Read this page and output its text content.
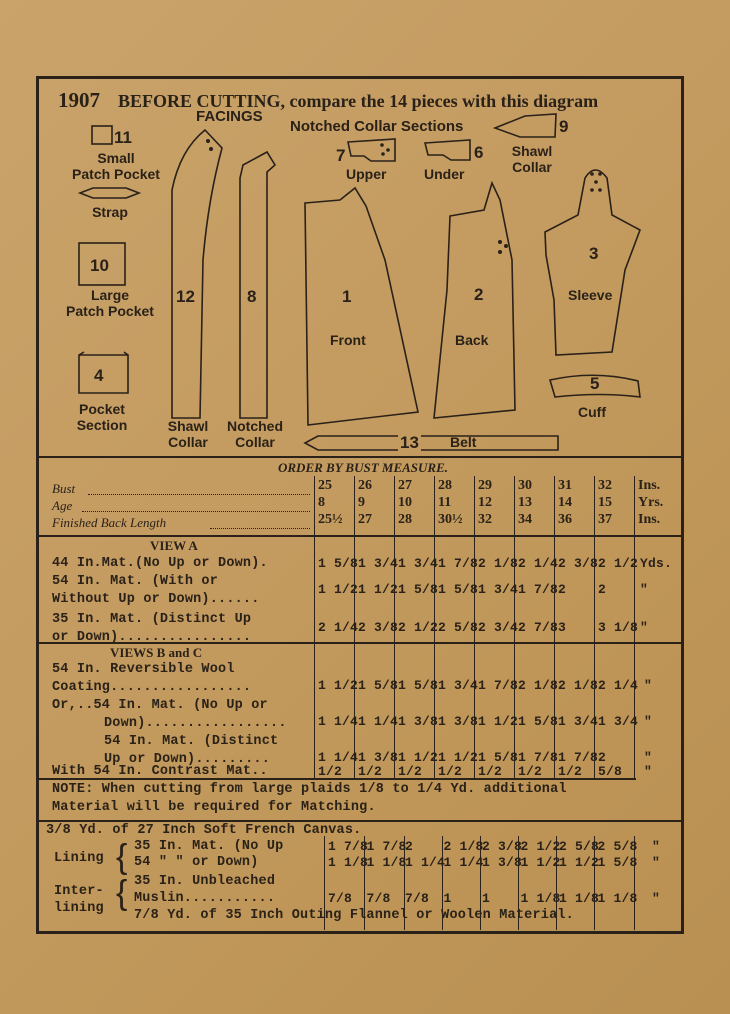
1907 BEFORE CUTTING, compare the 14 pieces with this diagram
FACINGS
Notched Collar Sections
11
Small
Patch Pocket
Strap
10
Large
Patch Pocket
4
Pocket
Section
12
Shawl
Collar
8
Notched
Collar
7
Upper
6
Under
9
Shawl
Collar
1
Front
2
Back
3
Sleeve
5
Cuff
13 Belt
ORDER BY BUST MEASURE.
Bust
Age
Finished Back Length
VIEW A
VIEWS B and C
NOTE: When cutting from large plaids 1/8 to 1/4 Yd. additional
Material will be required for Matching.
3/8 Yd. of 27 Inch Soft French Canvas.
Lining
Inter-
lining
{
{
7/8 Yd. of 35 Inch Outing Flannel or Woolen Material.
25 26 27 28 29 30 31 32 Ins.
8 9 10 11 12 13 14 15 Yrs.
25½ 27 28 30½ 32 34 36 37 Ins.
44 In.Mat.(No Up or Down).	1 5/8 1 3/4 1 3/4 1 7/8 2 1/8 2 1/4 2 3/8 2 1/2 Yds.
54 In. Mat. (With or
Without Up or Down)......
1 1/2 1 1/2 1 5/8 1 5/8 1 3/4 1 7/8 2 2	"
35 In. Mat. (Distinct Up
or Down)................
2 1/4 2 3/8 2 1/2 2 5/8 2 3/4 2 7/8 3 3 1/8 "
54 In. Reversible Wool
Coating.................	1 1/2 1 5/8 1 5/8 1 3/4 1 7/8 2 1/8 2 1/8 2 1/4 "
Or,..54 In. Mat. (No Up or
Down)................. 1 1/4 1 1/4 1 3/8 1 3/8 1 1/2 1 5/8 1 3/4 1 3/4 "
54 In. Mat. (Distinct
Up or Down).........	1 1/4 1 3/8 1 1/2 1 1/2 1 5/8 1 7/8 1 7/8 2	"
With 54 In. Contrast Mat..	1/2 1/2 1/2 1/2 1/2 1/2 1/2 5/8 "
35 In. Mat. (No Up	1 7/8
1 7/8
2 2 1/8
2 3/8
2 1/2
2 5/8
2 5/8 "
54 " " or Down)	1 1/8
1 1/8
1 1/4
1 1/4
1 3/8
1 1/2
1 1/2
1 5/8 "
35 In. Unbleached
Muslin...........	7/8 7/8 7/8 1 1 1 1/8
1 1/8
1 1/8 "
